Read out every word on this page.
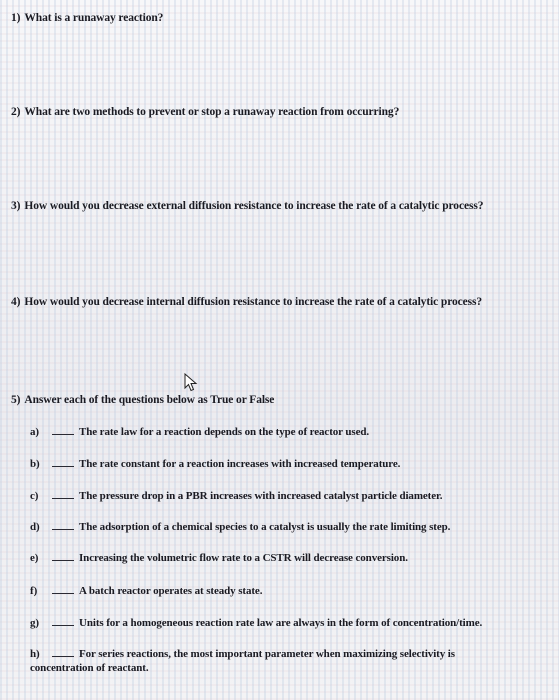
1) What is a runaway reaction?
2) What are two methods to prevent or stop a runaway reaction from occurring?
3) How would you decrease external diffusion resistance to increase the rate of a catalytic process?
4) How would you decrease internal diffusion resistance to increase the rate of a catalytic process?
5) Answer each of the questions below as True or False
a)	The rate law for a reaction depends on the type of reactor used.
b)	The rate constant for a reaction increases with increased temperature.
c)	The pressure drop in a PBR increases with increased catalyst particle diameter.
d)	The adsorption of a chemical species to a catalyst is usually the rate limiting step.
e)	Increasing the volumetric flow rate to a CSTR will decrease conversion.
f)	A batch reactor operates at steady state.
g)	Units for a homogeneous reaction rate law are always in the form of concentration/time.
h)	For series reactions, the most important parameter when maximizing selectivity is
concentration of reactant.
